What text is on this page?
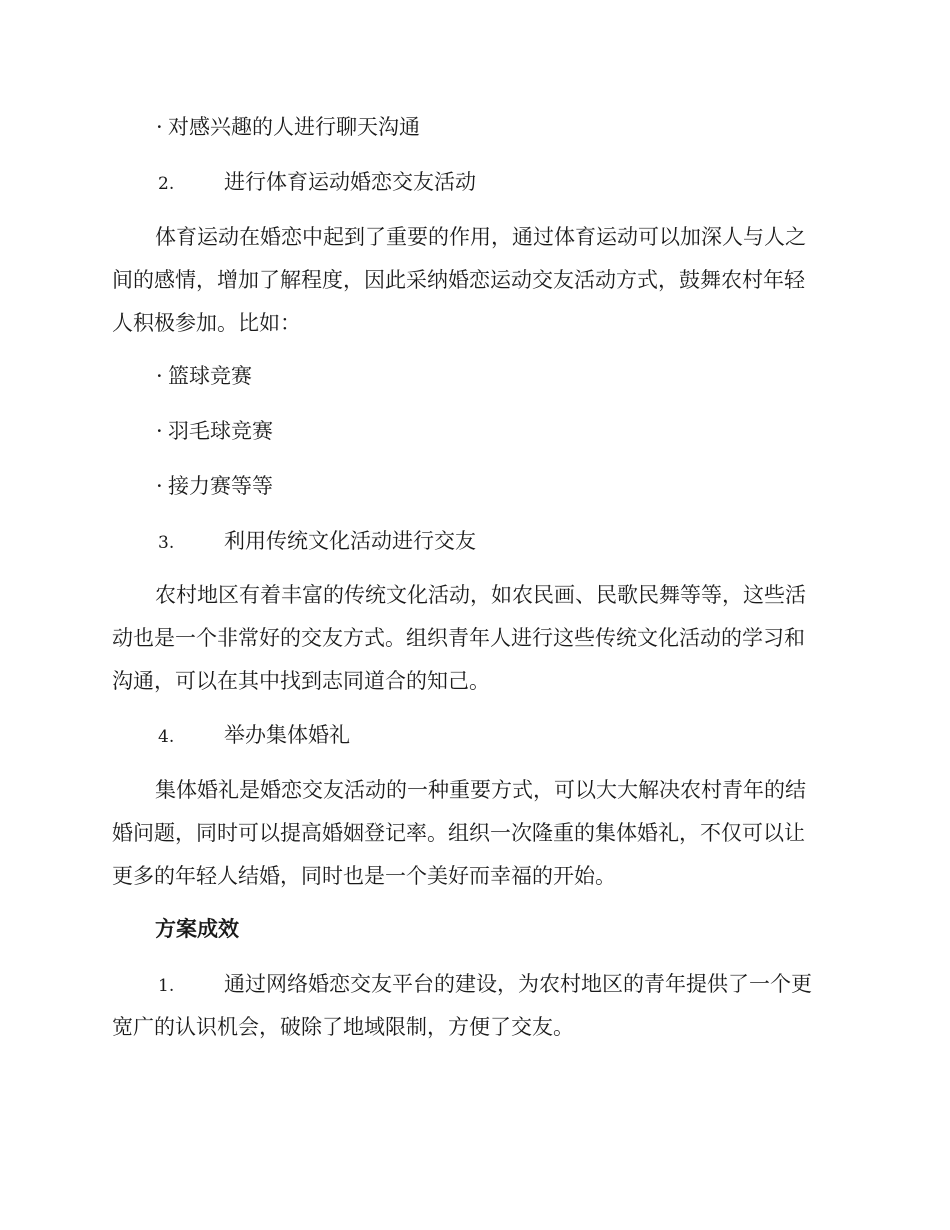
· 对感兴趣的人进行聊天沟通
2. 进行体育运动婚恋交友活动
体育运动在婚恋中起到了重要的作用，通过体育运动可以加深人与人之
间的感情，增加了解程度，因此采纳婚恋运动交友活动方式，鼓舞农村年轻
人积极参加。比如：
· 篮球竞赛
· 羽毛球竞赛
· 接力赛等等
3. 利用传统文化活动进行交友
农村地区有着丰富的传统文化活动，如农民画、民歌民舞等等，这些活
动也是一个非常好的交友方式。组织青年人进行这些传统文化活动的学习和
沟通，可以在其中找到志同道合的知己。
4. 举办集体婚礼
集体婚礼是婚恋交友活动的一种重要方式，可以大大解决农村青年的结
婚问题，同时可以提高婚姻登记率。组织一次隆重的集体婚礼，不仅可以让
更多的年轻人结婚，同时也是一个美好而幸福的开始。
方案成效
1. 通过网络婚恋交友平台的建设，为农村地区的青年提供了一个更
宽广的认识机会，破除了地域限制，方便了交友。
